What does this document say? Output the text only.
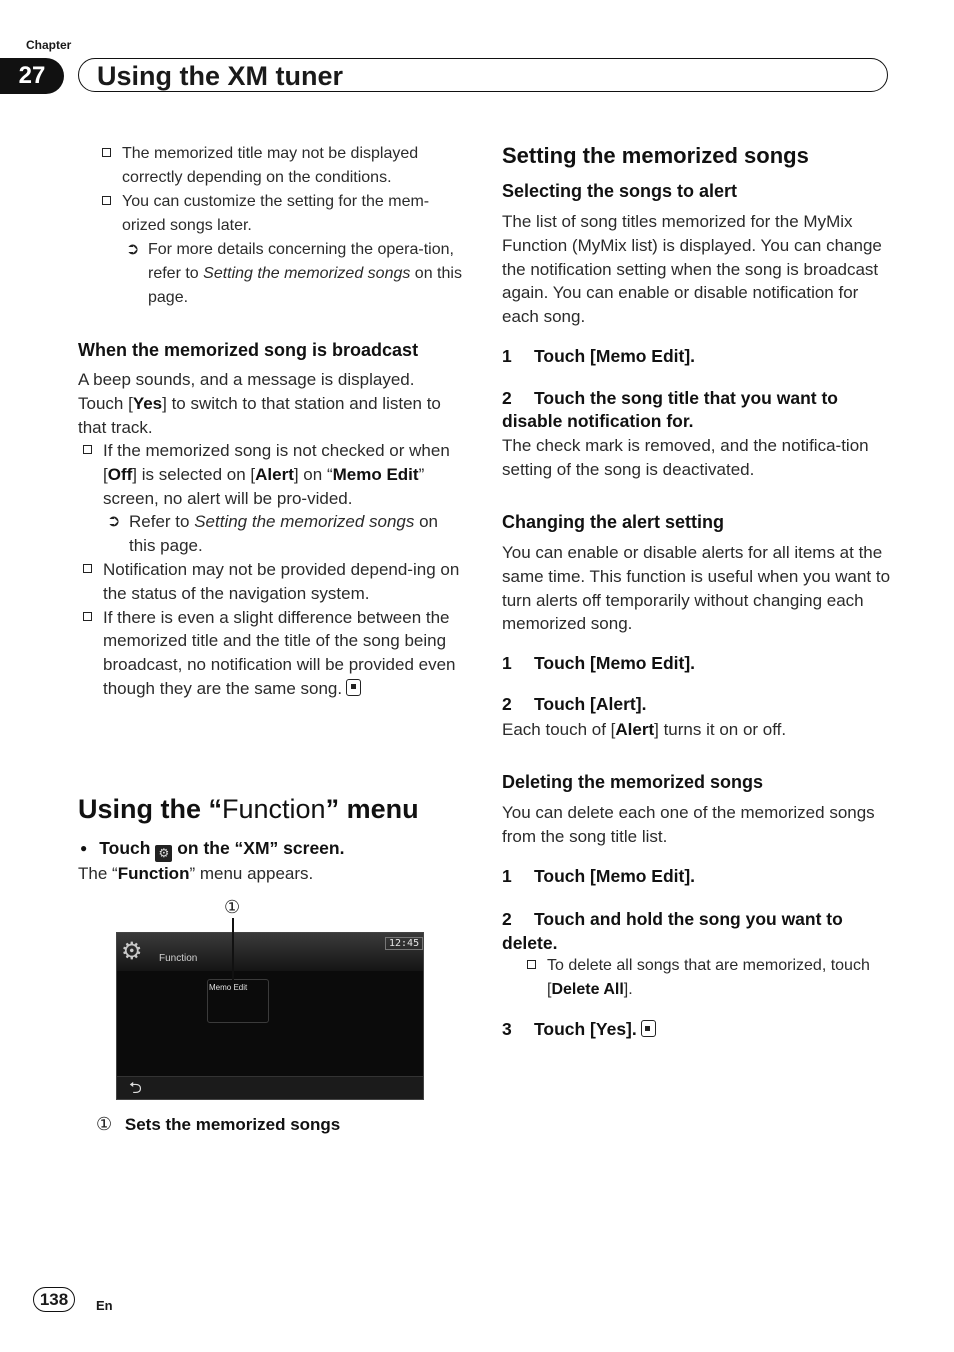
Chapter
27	Using the XM tuner
The memorized title may not be displayed correctly depending on the conditions.
You can customize the setting for the mem-orized songs later.
➲ For more details concerning the opera-tion, refer to Setting the memorized songs on this page.
When the memorized song is broadcast
A beep sounds, and a message is displayed. Touch [Yes] to switch to that station and listen to that track.
If the memorized song is not checked or when [Off] is selected on [Alert] on “Memo Edit” screen, no alert will be pro-vided.
➲ Refer to Setting the memorized songs on this page.
Notification may not be provided depend-ing on the status of the navigation system.
If there is even a slight difference between the memorized title and the title of the song being broadcast, no notification will be provided even though they are the same song.
Using the “Function” menu
● Touch ⚙ on the “XM” screen.
The “Function” menu appears.
①
⚙ Function
12:45
Memo Edit
⮌
① Sets the memorized songs
Setting the memorized songs
Selecting the songs to alert
The list of song titles memorized for the MyMix Function (MyMix list) is displayed. You can change the notification setting when the song is broadcast again. You can enable or disable notification for each song.
1 Touch [Memo Edit].
2 Touch the song title that you want to disable notification for.
The check mark is removed, and the notifica-tion setting of the song is deactivated.
Changing the alert setting
You can enable or disable alerts for all items at the same time. This function is useful when you want to turn alerts off temporarily without changing each memorized song.
1 Touch [Memo Edit].
2 Touch [Alert].
Each touch of [Alert] turns it on or off.
Deleting the memorized songs
You can delete each one of the memorized songs from the song title list.
1 Touch [Memo Edit].
2 Touch and hold the song you want to delete.
To delete all songs that are memorized, touch [Delete All].
3 Touch [Yes].
138	En
